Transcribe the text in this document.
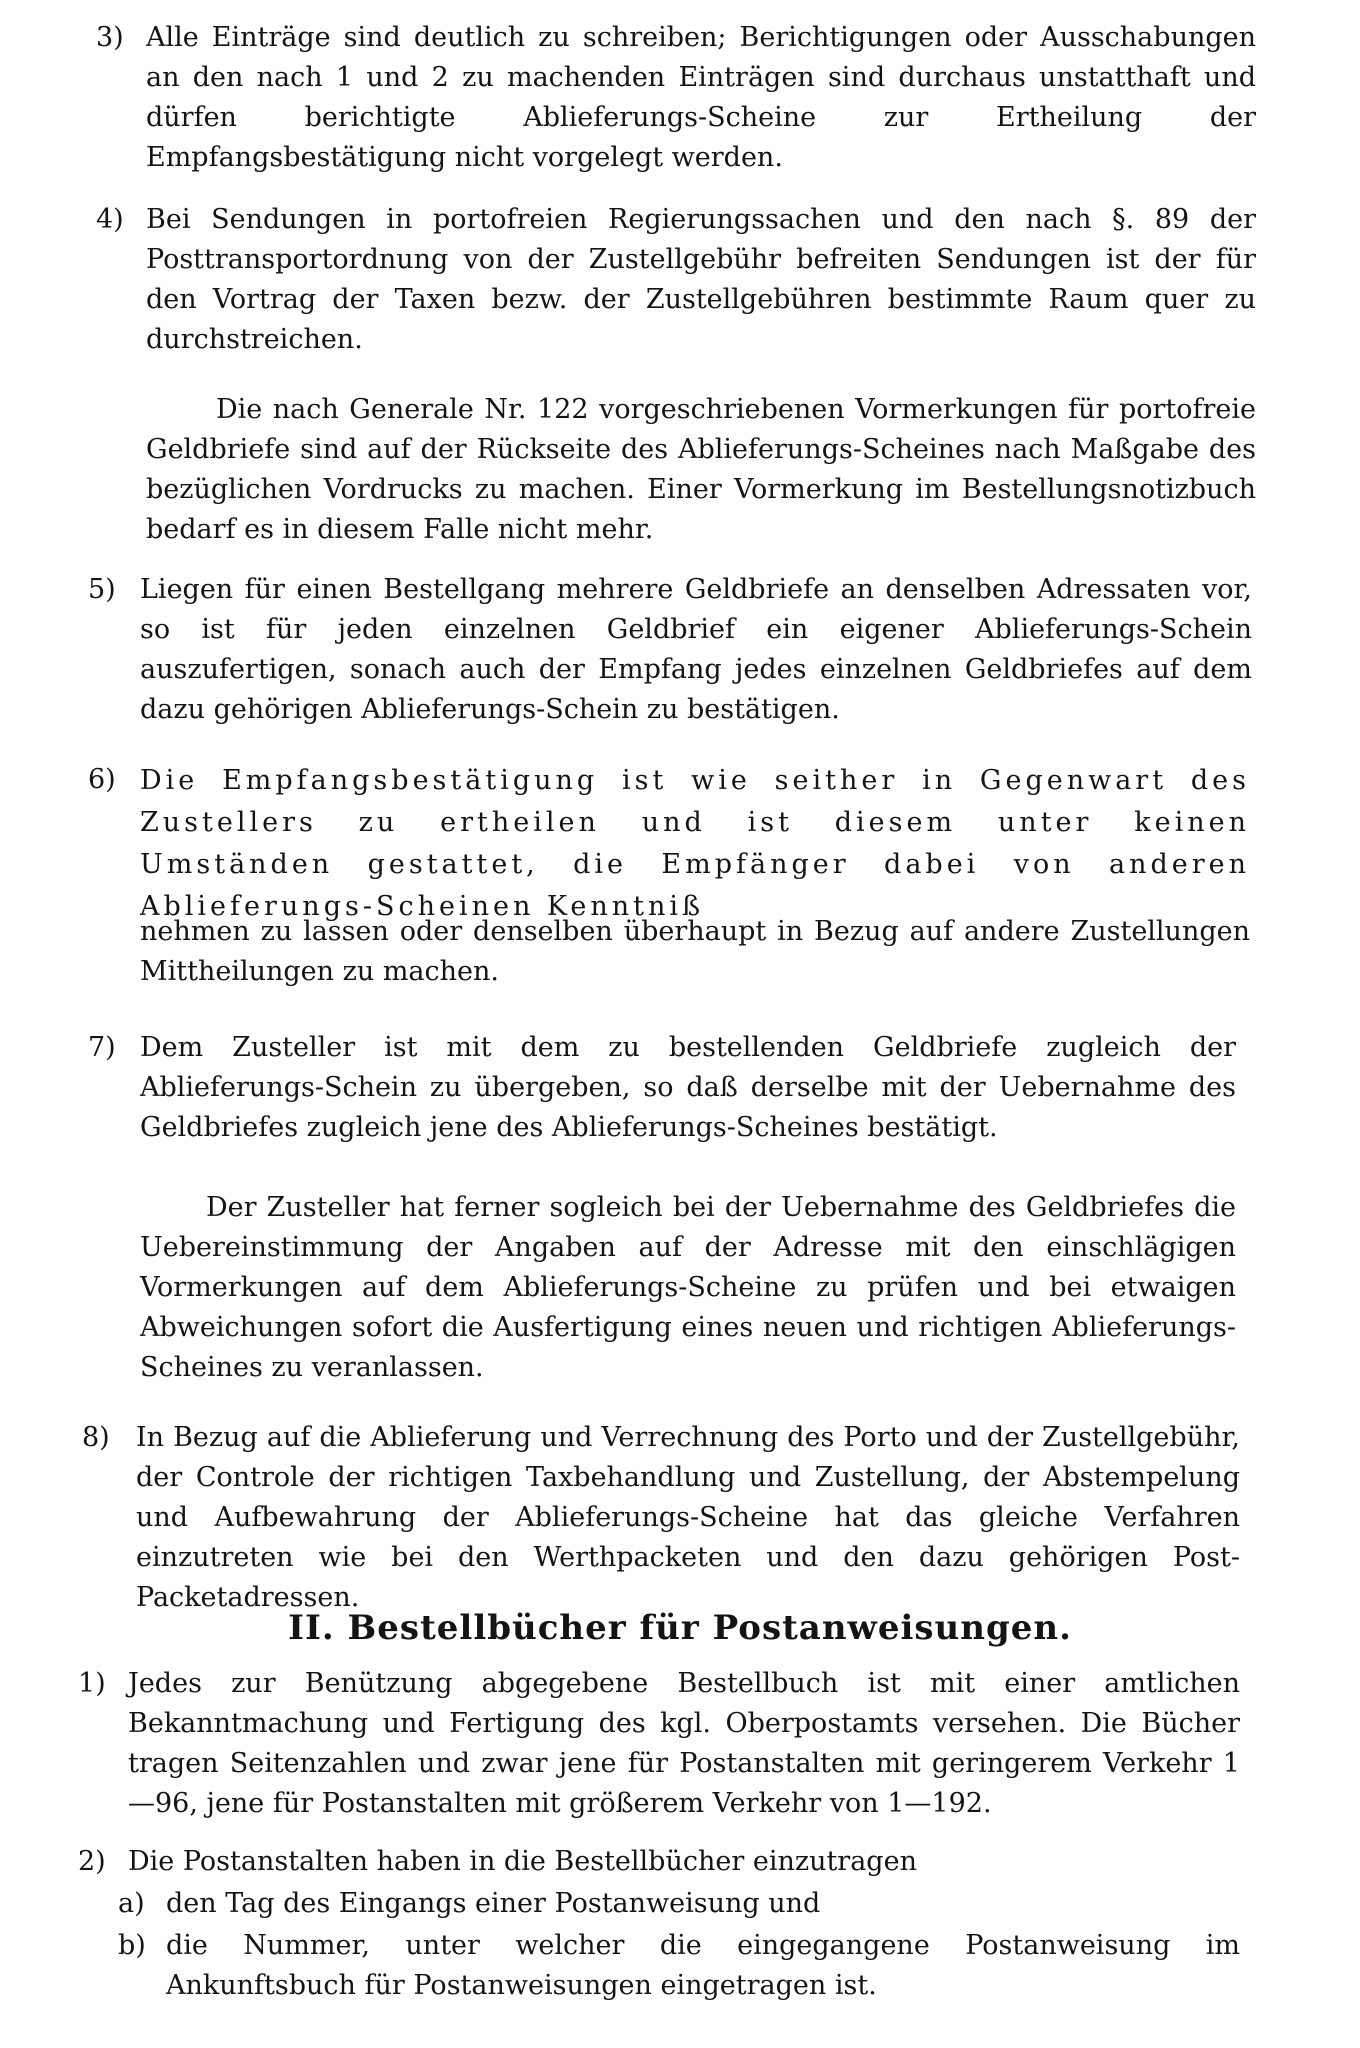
3) Alle Einträge sind deutlich zu schreiben; Berichtigungen oder Ausschabungen an den nach 1 und 2 zu machenden Einträgen sind durchaus unstatthaft und dürfen berichtigte Ablieferungs-Scheine zur Ertheilung der Empfangsbestätigung nicht vorgelegt werden.

4) Bei Sendungen in portofreien Regierungssachen und den nach §. 89 der Posttransportordnung von der Zustellgebühr befreiten Sendungen ist der für den Vortrag der Taxen bezw. der Zustellgebühren bestimmte Raum quer zu durchstreichen.

Die nach Generale Nr. 122 vorgeschriebenen Vormerkungen für portofreie Geldbriefe sind auf der Rückseite des Ablieferungs-Scheines nach Maßgabe des bezüglichen Vordrucks zu machen. Einer Vormerkung im Bestellungsnotizbuch bedarf es in diesem Falle nicht mehr.

5) Liegen für einen Bestellgang mehrere Geldbriefe an denselben Adressaten vor, so ist für jeden einzelnen Geldbrief ein eigener Ablieferungs-Schein auszufertigen, sonach auch der Empfang jedes einzelnen Geldbriefes auf dem dazu gehörigen Ablieferungs-Schein zu bestätigen.

6) Die Empfangsbestätigung ist wie seither in Gegenwart des Zustellers zu ertheilen und ist diesem unter keinen Umständen gestattet, die Empfänger dabei von anderen Ablieferungs-Scheinen Kenntniß

nehmen zu lassen oder denselben überhaupt in Bezug auf andere Zustellungen Mittheilungen zu machen.

7) Dem Zusteller ist mit dem zu bestellenden Geldbriefe zugleich der Ablieferungs-Schein zu übergeben, so daß derselbe mit der Uebernahme des Geldbriefes zugleich jene des Ablieferungs-Scheines bestätigt.

Der Zusteller hat ferner sogleich bei der Uebernahme des Geldbriefes die Uebereinstimmung der Angaben auf der Adresse mit den einschlägigen Vormerkungen auf dem Ablieferungs-Scheine zu prüfen und bei etwaigen Abweichungen sofort die Ausfertigung eines neuen und richtigen Ablieferungs-Scheines zu veranlassen.

8) In Bezug auf die Ablieferung und Verrechnung des Porto und der Zustellgebühr, der Controle der richtigen Taxbehandlung und Zustellung, der Abstempelung und Aufbewahrung der Ablieferungs-Scheine hat das gleiche Verfahren einzutreten wie bei den Werthpacketen und den dazu gehörigen Post-Packetadressen.

II. Bestellbücher für Postanweisungen.
1) Jedes zur Benützung abgegebene Bestellbuch ist mit einer amtlichen Bekanntmachung und Fertigung des kgl. Oberpostamts versehen. Die Bücher tragen Seitenzahlen und zwar jene für Postanstalten mit geringerem Verkehr 1—96, jene für Postanstalten mit größerem Verkehr von 1—192.

2) Die Postanstalten haben in die Bestellbücher einzutragen

a) den Tag des Eingangs einer Postanweisung und

b) die Nummer, unter welcher die eingegangene Postanweisung im Ankunftsbuch für Postanweisungen eingetragen ist.
